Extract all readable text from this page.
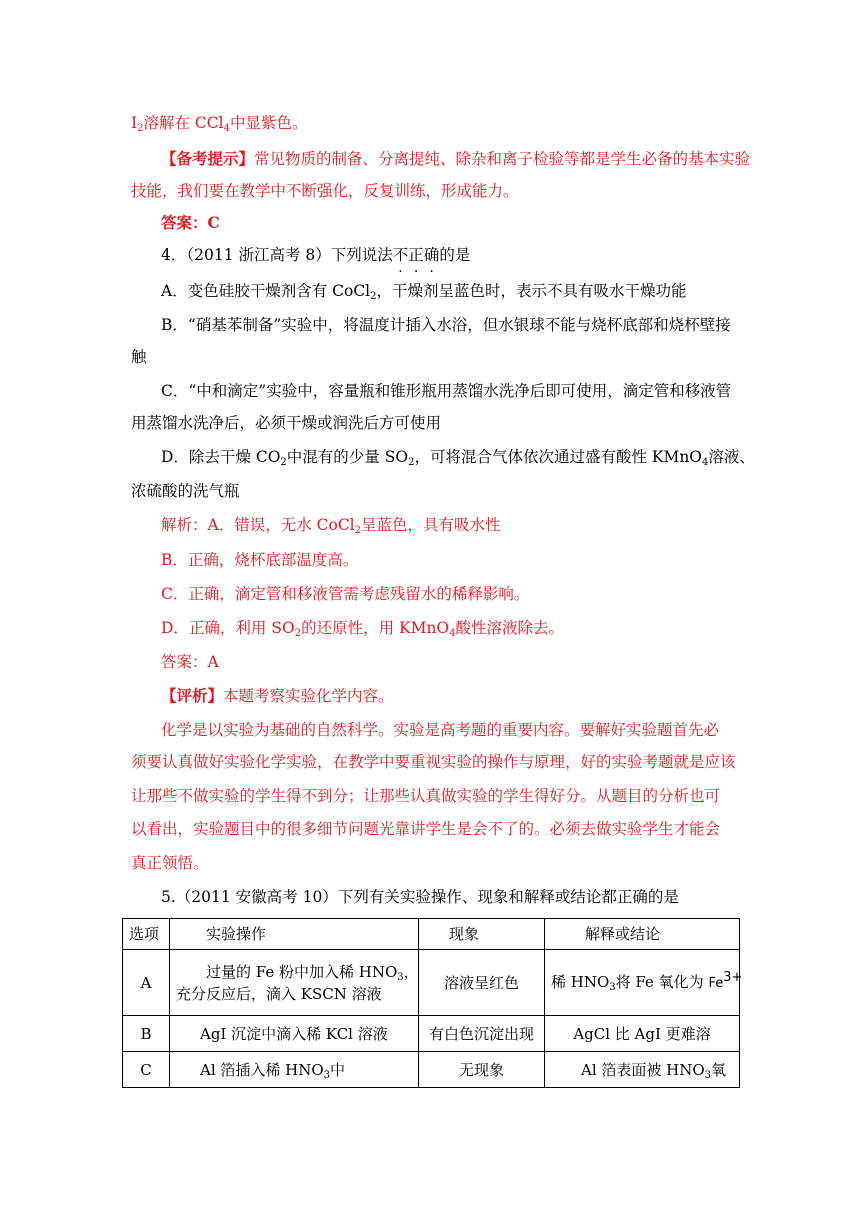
$I_2$溶解在 CCl$_4$中显紫色。
【备考提示】常见物质的制备、分离提纯、除杂和离子检验等都是学生必备的基本实验
技能，我们要在教学中不断强化，反复训练，形成能力。
答案：C
4．（2011 浙江高考 8）下列说法不正确的是
A．变色硅胶干燥剂含有 CoCl$_2$，干燥剂呈蓝色时，表示不具有吸水干燥功能
B．“硝基苯制备”实验中，将温度计插入水浴，但水银球不能与烧杯底部和烧杯壁接
触
C．“中和滴定”实验中，容量瓶和锥形瓶用蒸馏水洗净后即可使用，滴定管和移液管
用蒸馏水洗净后，必须干燥或润洗后方可使用
D．除去干燥 $CO_2$中混有的少量 $SO_2$，可将混合气体依次通过盛有酸性 KMnO$_4$溶液、
浓硫酸的洗气瓶
解析：A．错误，无水 CoCl$_2$呈蓝色，具有吸水性
B．正确，烧杯底部温度高。
C．正确，滴定管和移液管需考虑残留水的稀释影响。
D．正确，利用 $SO_2$的还原性，用 KMnO$_4$酸性溶液除去。
答案：A
【评析】本题考察实验化学内容。
化学是以实验为基础的自然科学。实验是高考题的重要内容。要解好实验题首先必
须要认真做好实验化学实验，在教学中要重视实验的操作与原理，好的实验考题就是应该
让那些不做实验的学生得不到分；让那些认真做实验的学生得好分。从题目的分析也可
以看出，实验题目中的很多细节问题光靠讲学生是会不了的。必须去做实验学生才能会
真正领悟。
5.（2011 安徽高考 10）下列有关实验操作、现象和解释或结论都正确的是
选项	实验操作	现象	解释或结论
A	过量的 Fe 粉中加入稀 $HNO_3$，
充分反应后，滴入 KSCN 溶液	溶液呈红色	稀 $HNO_3$将 Fe 氧化为 $Fe^{3+}$
B	AgI 沉淀中滴入稀 KCl 溶液	有白色沉淀出现	AgCl 比 AgI 更难溶
C	Al 箔插入稀 $HNO_3$中	无现象	Al 箔表面被 $HNO_3$氧
